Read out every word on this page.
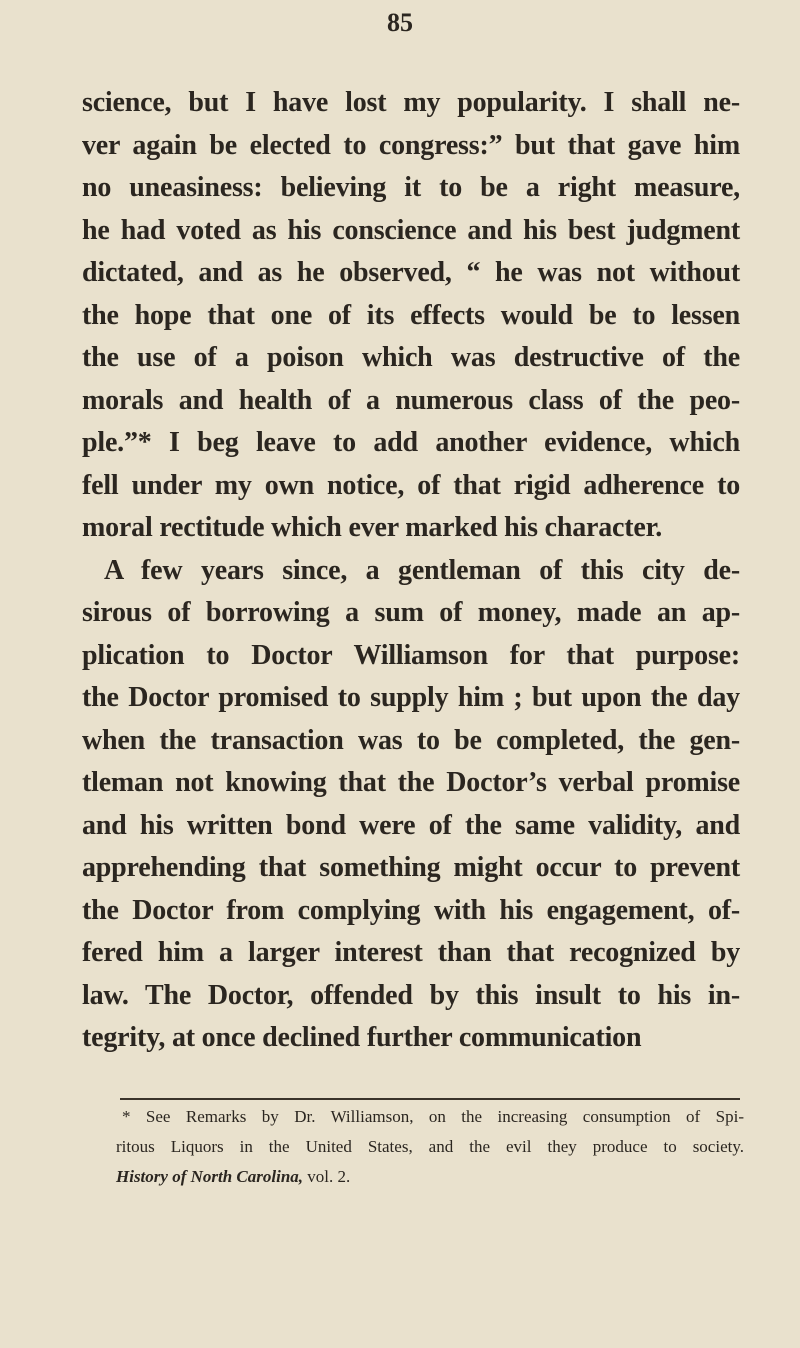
85
science, but I have lost my popularity. I shall ne-
ver again be elected to congress:” but that gave him
no uneasiness: believing it to be a right measure,
he had voted as his conscience and his best judgment
dictated, and as he observed, “ he was not without
the hope that one of its effects would be to lessen
the use of a poison which was destructive of the
morals and health of a numerous class of the peo-
ple.”* I beg leave to add another evidence, which
fell under my own notice, of that rigid adherence to
moral rectitude which ever marked his character.
A few years since, a gentleman of this city de-
sirous of borrowing a sum of money, made an ap-
plication to Doctor Williamson for that purpose:
the Doctor promised to supply him ; but upon the day
when the transaction was to be completed, the gen-
tleman not knowing that the Doctor’s verbal promise
and his written bond were of the same validity, and
apprehending that something might occur to prevent
the Doctor from complying with his engagement, of-
fered him a larger interest than that recognized by
law. The Doctor, offended by this insult to his in-
tegrity, at once declined further communication
* See Remarks by Dr. Williamson, on the increasing consumption of Spi-
ritous Liquors in the United States, and the evil they produce to society.
History of North Carolina, vol. 2.
